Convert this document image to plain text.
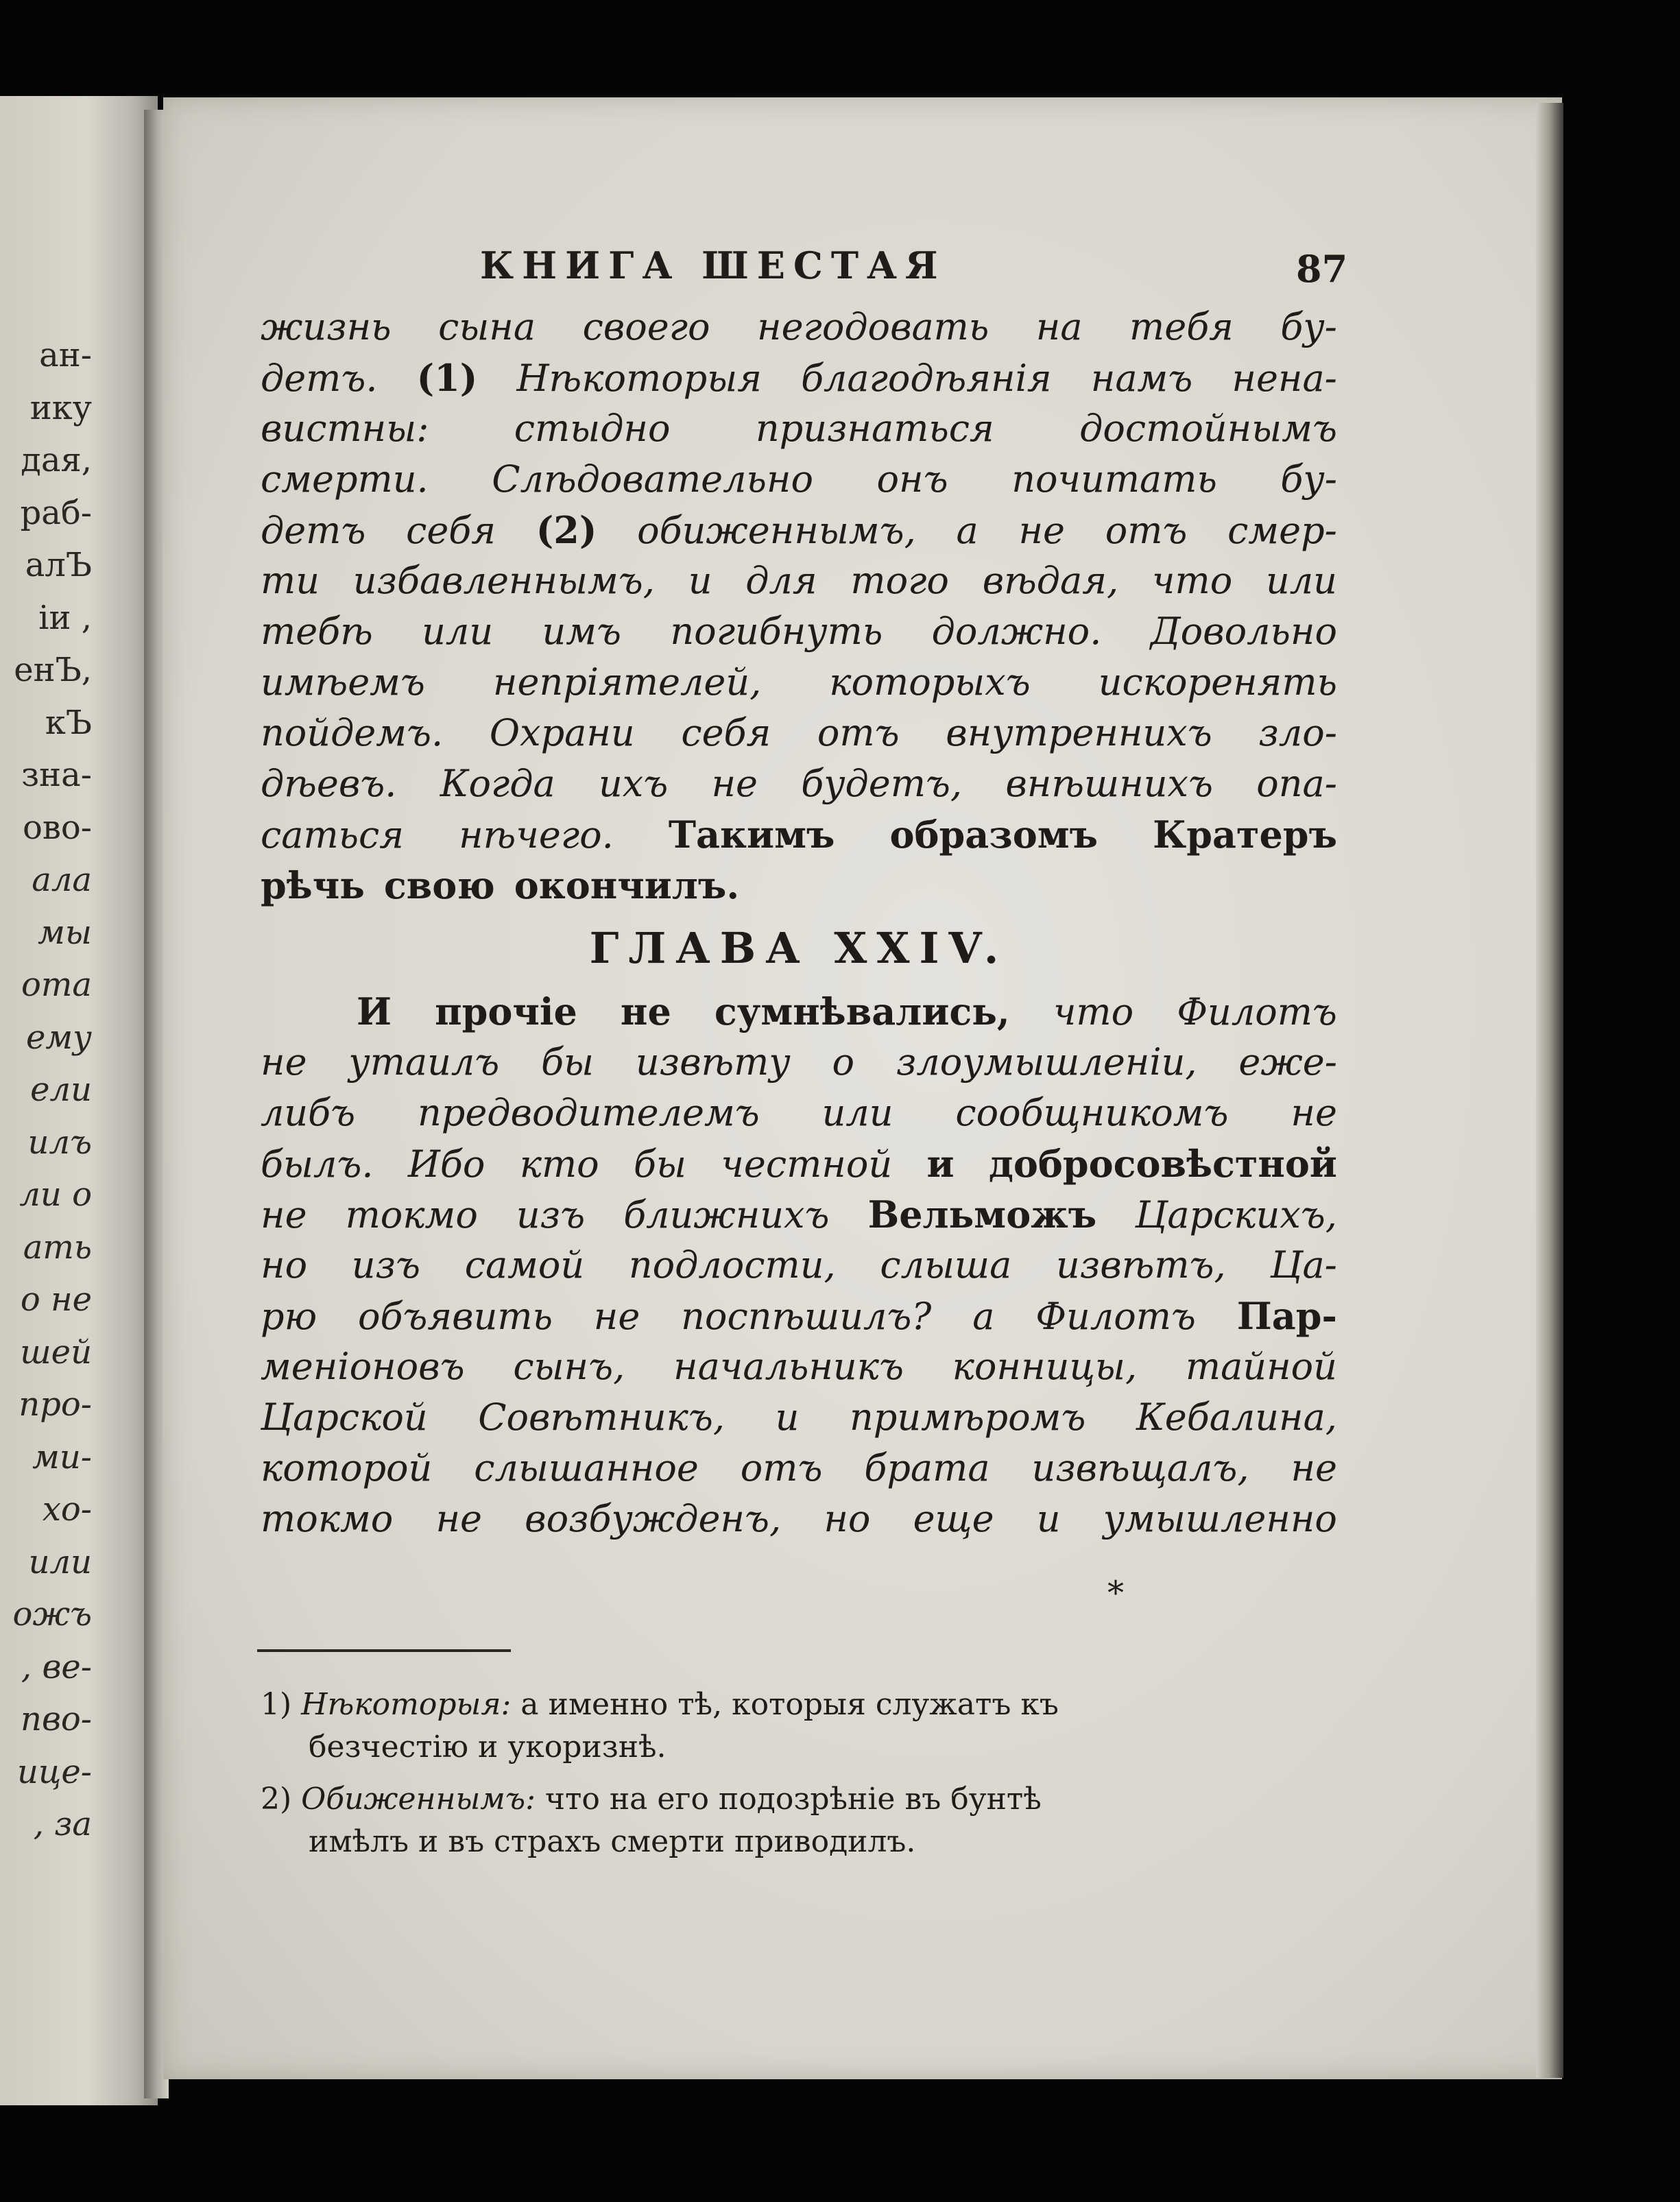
ан-
ику
дая,
раб-
алЪ
іи ,
енЪ,
кЪ
зна-
ово-
ала
мы
ота
ему
ели
илъ
ли о
ать
о не
шей
про-
ми-
хо-
или
ожъ
, ве-
пво-
ице-
, за
КНИГА ШЕСТАЯ	87
жизнь сына своего негодовать на тебя бу-
детъ. (1) Нѣкоторыя благодѣянія намъ нена-
вистны: стыдно признаться достойнымъ
смерти. Слѣдовательно онъ почитать бу-
детъ себя (2) обиженнымъ, а не отъ смер-
ти избавленнымъ, и для того вѣдая, что или
тебѣ или имъ погибнуть должно. Довольно
имѣемъ непріятелей, которыхъ искоренять
пойдемъ. Охрани себя отъ внутреннихъ зло-
дѣевъ. Когда ихъ не будетъ, внѣшнихъ опа-
саться нѣчего. Такимъ образомъ Кратеръ
рѣчь свою окончилъ.
ГЛАВА XXIV.
И прочіе не сумнѣвались, что Филотъ
не утаилъ бы извѣту о злоумышленіи, еже-
либъ предводителемъ или сообщникомъ не
былъ. Ибо кто бы честной и добросовѣстной
не токмо изъ ближнихъ Вельможъ Царскихъ,
но изъ самой подлости, слыша извѣтъ, Ца-
рю объявить не поспѣшилъ? а Филотъ Пар-
меніоновъ сынъ, начальникъ конницы, тайной
Царской Совѣтникъ, и примѣромъ Кебалина,
которой слышанное отъ брата извѣщалъ, не
токмо не возбужденъ, но еще и умышленно
*
1) Нѣкоторыя: а именно тѣ, которыя служатъ къ
безчестію и укоризнѣ.
2) Обиженнымъ: что на его подозрѣніе въ бунтѣ
имѣлъ и въ страхъ смерти приводилъ.
